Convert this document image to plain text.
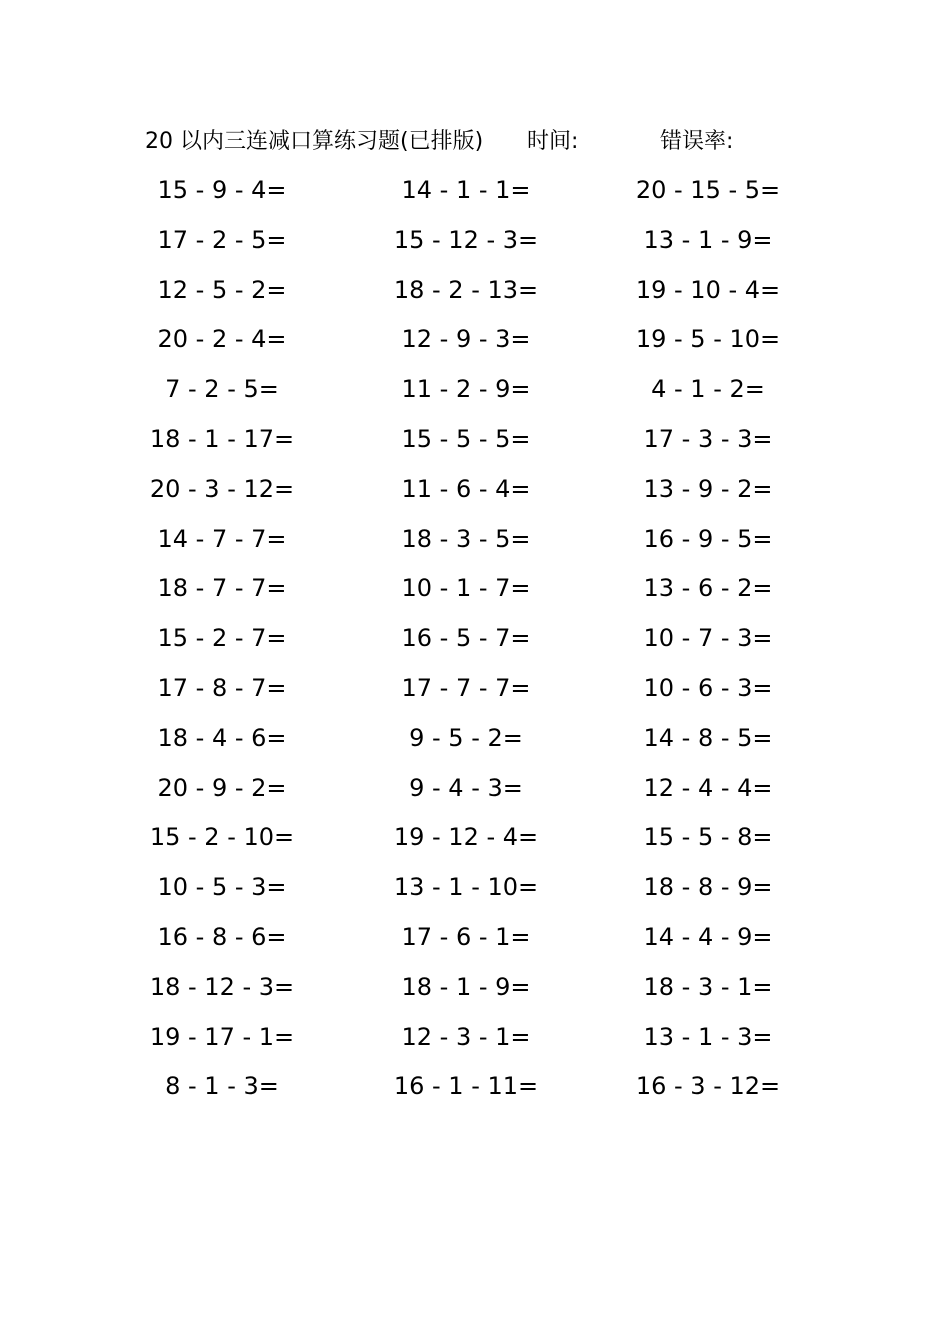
20 以内三连减口算练习题(已排版) 时间:	错误率:
15 - 9 - 4=	14 - 1 - 1=	20 - 15 - 5=
17 - 2 - 5=	15 - 12 - 3=	13 - 1 - 9=
12 - 5 - 2=	18 - 2 - 13=	19 - 10 - 4=
20 - 2 - 4=	12 - 9 - 3=	19 - 5 - 10=
7 - 2 - 5=	11 - 2 - 9=	4 - 1 - 2=
18 - 1 - 17=	15 - 5 - 5=	17 - 3 - 3=
20 - 3 - 12=	11 - 6 - 4=	13 - 9 - 2=
14 - 7 - 7=	18 - 3 - 5=	16 - 9 - 5=
18 - 7 - 7=	10 - 1 - 7=	13 - 6 - 2=
15 - 2 - 7=	16 - 5 - 7=	10 - 7 - 3=
17 - 8 - 7=	17 - 7 - 7=	10 - 6 - 3=
18 - 4 - 6=	9 - 5 - 2=	14 - 8 - 5=
20 - 9 - 2=	9 - 4 - 3=	12 - 4 - 4=
15 - 2 - 10=	19 - 12 - 4=	15 - 5 - 8=
10 - 5 - 3=	13 - 1 - 10=	18 - 8 - 9=
16 - 8 - 6=	17 - 6 - 1=	14 - 4 - 9=
18 - 12 - 3=	18 - 1 - 9=	18 - 3 - 1=
19 - 17 - 1=	12 - 3 - 1=	13 - 1 - 3=
8 - 1 - 3=	16 - 1 - 11=	16 - 3 - 12=
